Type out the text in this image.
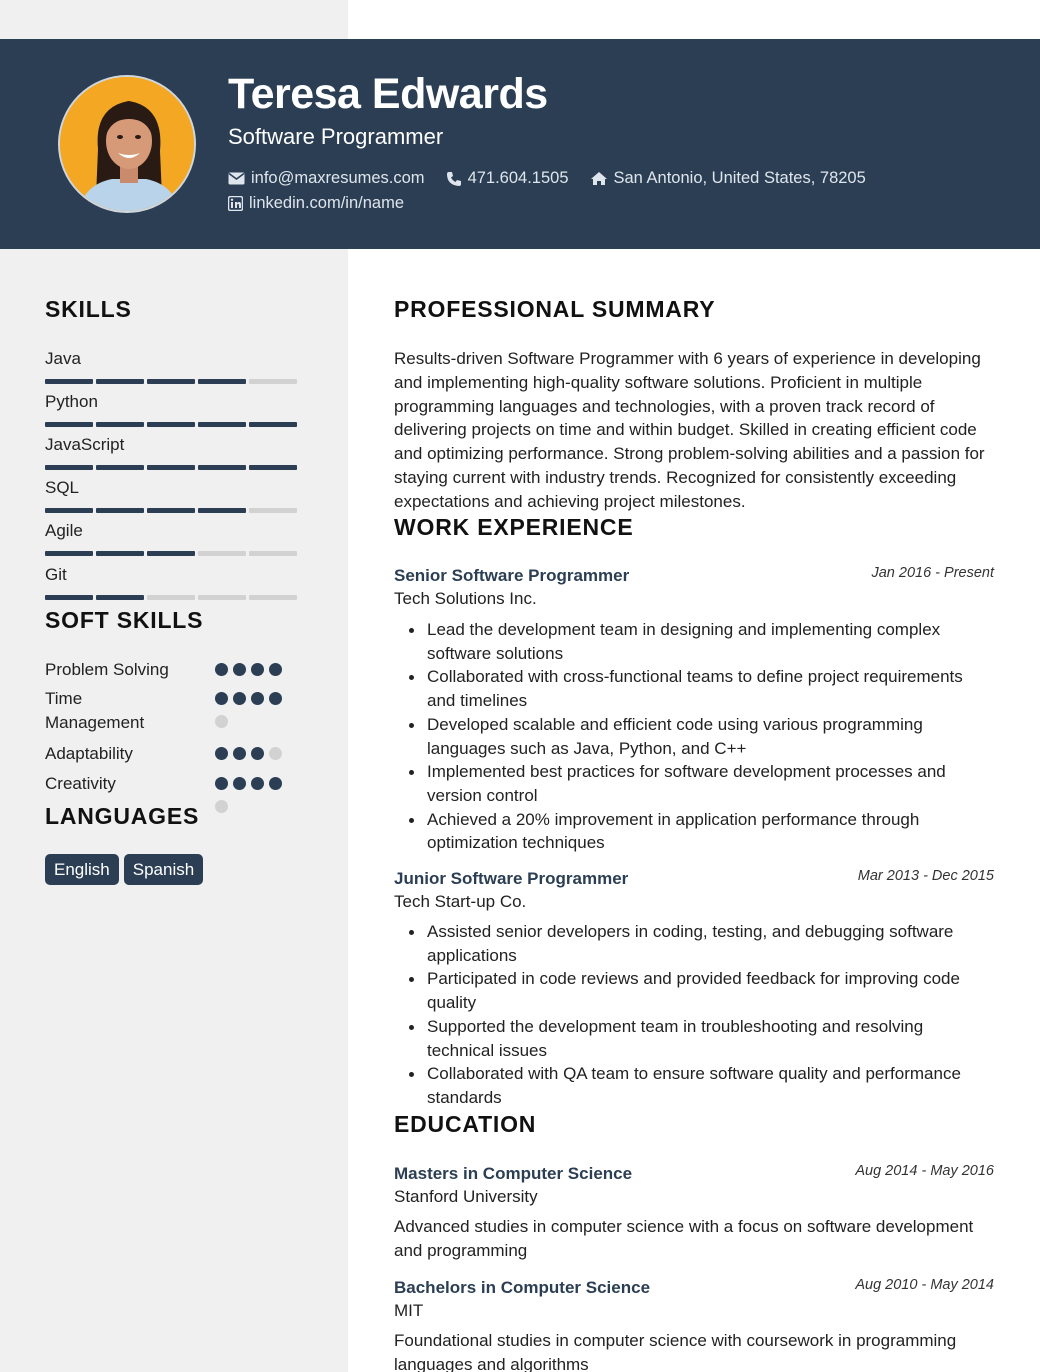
Teresa Edwards
Software Programmer
info@maxresumes.com	471.604.1505	San Antonio, United States, 78205
linkedin.com/in/name
SKILLS
Java
Python
JavaScript
SQL
Agile
Git
SOFT SKILLS
Problem Solving
Time Management
Adaptability
Creativity
LANGUAGES
English	Spanish
PROFESSIONAL SUMMARY
Results-driven Software Programmer with 6 years of experience in developing and implementing high-quality software solutions. Proficient in multiple programming languages and technologies, with a proven track record of delivering projects on time and within budget. Skilled in creating efficient code and optimizing performance. Strong problem-solving abilities and a passion for staying current with industry trends. Recognized for consistently exceeding expectations and achieving project milestones.
WORK EXPERIENCE
Senior Software Programmer	Jan 2016 - Present
Tech Solutions Inc.
Lead the development team in designing and implementing complex software solutions
Collaborated with cross-functional teams to define project requirements and timelines
Developed scalable and efficient code using various programming languages such as Java, Python, and C++
Implemented best practices for software development processes and version control
Achieved a 20% improvement in application performance through optimization techniques
Junior Software Programmer	Mar 2013 - Dec 2015
Tech Start-up Co.
Assisted senior developers in coding, testing, and debugging software applications
Participated in code reviews and provided feedback for improving code quality
Supported the development team in troubleshooting and resolving technical issues
Collaborated with QA team to ensure software quality and performance standards
EDUCATION
Masters in Computer Science	Aug 2014 - May 2016
Stanford University
Advanced studies in computer science with a focus on software development and programming
Bachelors in Computer Science	Aug 2010 - May 2014
MIT
Foundational studies in computer science with coursework in programming languages and algorithms
